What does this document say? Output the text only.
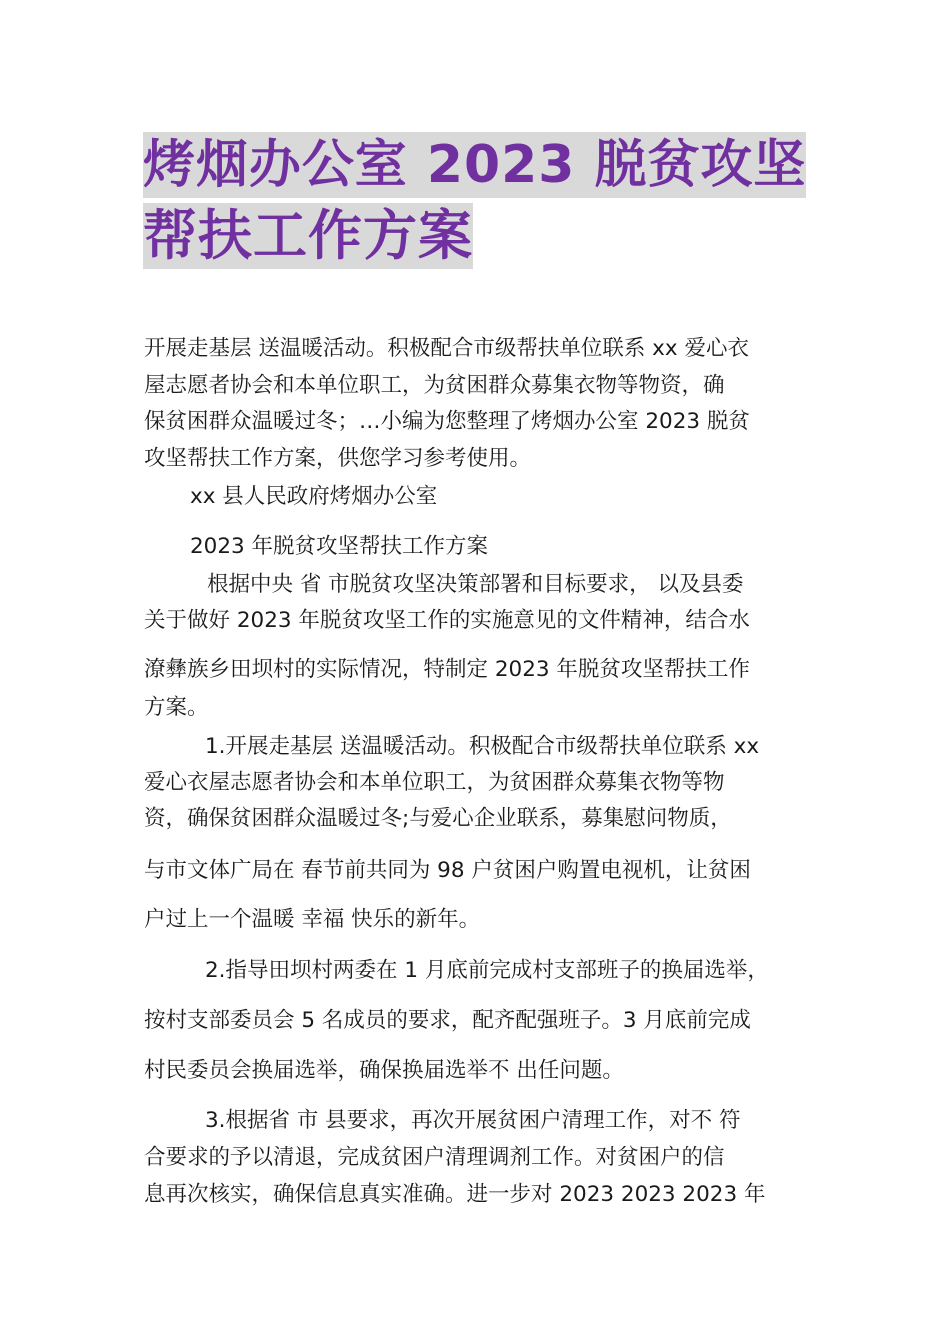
烤烟办公室 2023 脱贫攻坚
帮扶工作方案
开展走基层 送温暖活动。积极配合市级帮扶单位联系 xx 爱心衣
屋志愿者协会和本单位职工，为贫困群众募集衣物等物资，确
保贫困群众温暖过冬；…小编为您整理了烤烟办公室 2023 脱贫
攻坚帮扶工作方案，供您学习参考使用。
xx 县人民政府烤烟办公室
2023 年脱贫攻坚帮扶工作方案
根据中央 省 市脱贫攻坚决策部署和目标要求， 以及县委
关于做好 2023 年脱贫攻坚工作的实施意见的文件精神，结合水
潦彝族乡田坝村的实际情况，特制定 2023 年脱贫攻坚帮扶工作
方案。
1.开展走基层 送温暖活动。积极配合市级帮扶单位联系 xx
爱心衣屋志愿者协会和本单位职工，为贫困群众募集衣物等物
资，确保贫困群众温暖过冬;与爱心企业联系，募集慰问物质，
与市文体广局在 春节前共同为 98 户贫困户购置电视机，让贫困
户过上一个温暖 幸福 快乐的新年。
2.指导田坝村两委在 1 月底前完成村支部班子的换届选举，
按村支部委员会 5 名成员的要求，配齐配强班子。3 月底前完成
村民委员会换届选举，确保换届选举不 出任问题。
3.根据省 市 县要求，再次开展贫困户清理工作，对不 符
合要求的予以清退，完成贫困户清理调剂工作。对贫困户的信
息再次核实，确保信息真实准确。进一步对 2023 2023 2023 年
